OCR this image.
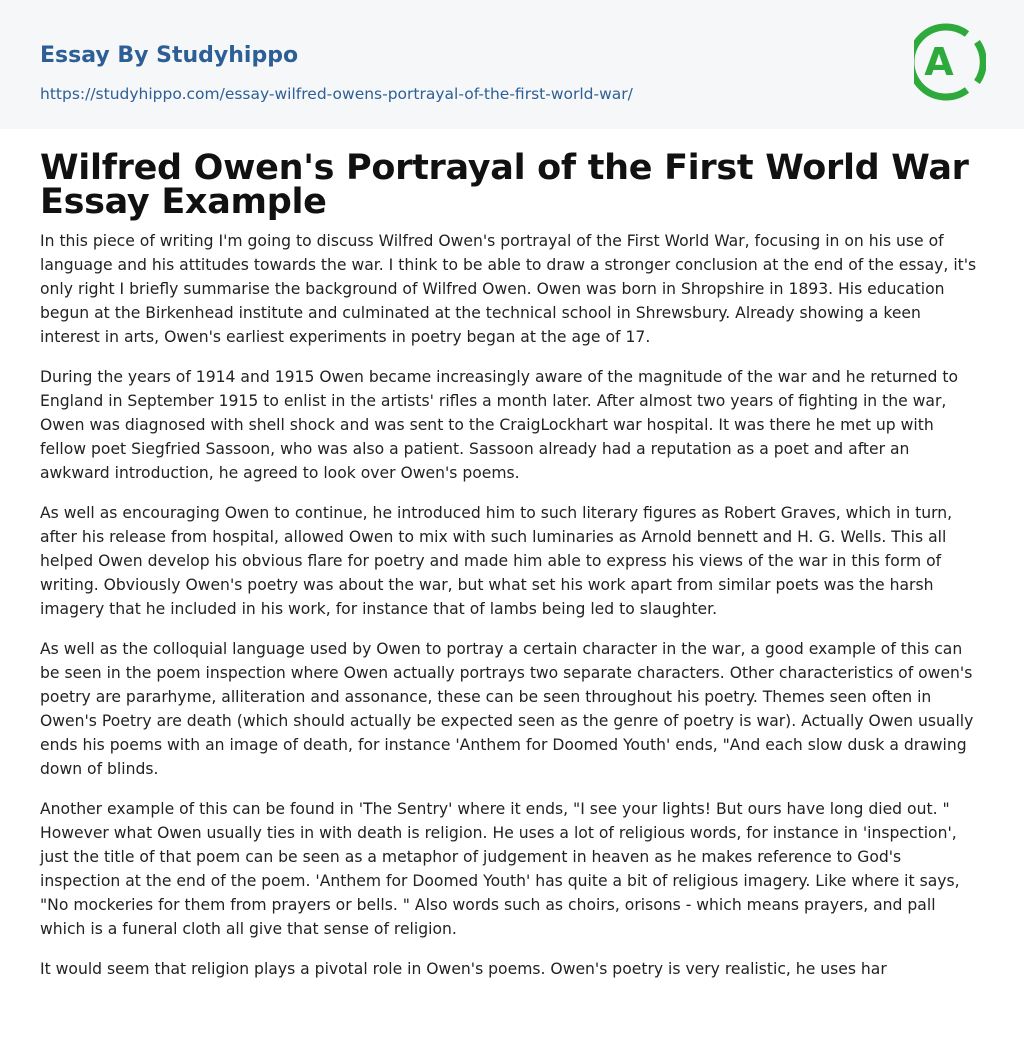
Essay By Studyhippo
https://studyhippo.com/essay-wilfred-owens-portrayal-of-the-first-world-war/
A
Wilfred Owen's Portrayal of the First World War Essay Example

In this piece of writing I'm going to discuss Wilfred Owen's portrayal of the First World War, focusing in on his use of language and his attitudes towards the war. I think to be able to draw a stronger conclusion at the end of the essay, it's only right I briefly summarise the background of Wilfred Owen. Owen was born in Shropshire in 1893. His education begun at the Birkenhead institute and culminated at the technical school in Shrewsbury. Already showing a keen interest in arts, Owen's earliest experiments in poetry began at the age of 17.

During the years of 1914 and 1915 Owen became increasingly aware of the magnitude of the war and he returned to England in September 1915 to enlist in the artists' rifles a month later. After almost two years of fighting in the war, Owen was diagnosed with shell shock and was sent to the CraigLockhart war hospital. It was there he met up with fellow poet Siegfried Sassoon, who was also a patient. Sassoon already had a reputation as a poet and after an awkward introduction, he agreed to look over Owen's poems.

As well as encouraging Owen to continue, he introduced him to such literary figures as Robert Graves, which in turn, after his release from hospital, allowed Owen to mix with such luminaries as Arnold bennett and H. G. Wells. This all helped Owen develop his obvious flare for poetry and made him able to express his views of the war in this form of writing. Obviously Owen's poetry was about the war, but what set his work apart from similar poets was the harsh imagery that he included in his work, for instance that of lambs being led to slaughter.

As well as the colloquial language used by Owen to portray a certain character in the war, a good example of this can be seen in the poem inspection where Owen actually portrays two separate characters. Other characteristics of owen's poetry are pararhyme, alliteration and assonance, these can be seen throughout his poetry. Themes seen often in Owen's Poetry are death (which should actually be expected seen as the genre of poetry is war). Actually Owen usually ends his poems with an image of death, for instance 'Anthem for Doomed Youth' ends, "And each slow dusk a drawing down of blinds.

Another example of this can be found in 'The Sentry' where it ends, "I see your lights! But ours have long died out. " However what Owen usually ties in with death is religion. He uses a lot of religious words, for instance in 'inspection', just the title of that poem can be seen as a metaphor of judgement in heaven as he makes reference to God's inspection at the end of the poem. 'Anthem for Doomed Youth' has quite a bit of religious imagery. Like where it says, "No mockeries for them from prayers or bells. " Also words such as choirs, orisons - which means prayers, and pall which is a funeral cloth all give that sense of religion.

It would seem that religion plays a pivotal role in Owen's poems. Owen's poetry is very realistic, he uses har
